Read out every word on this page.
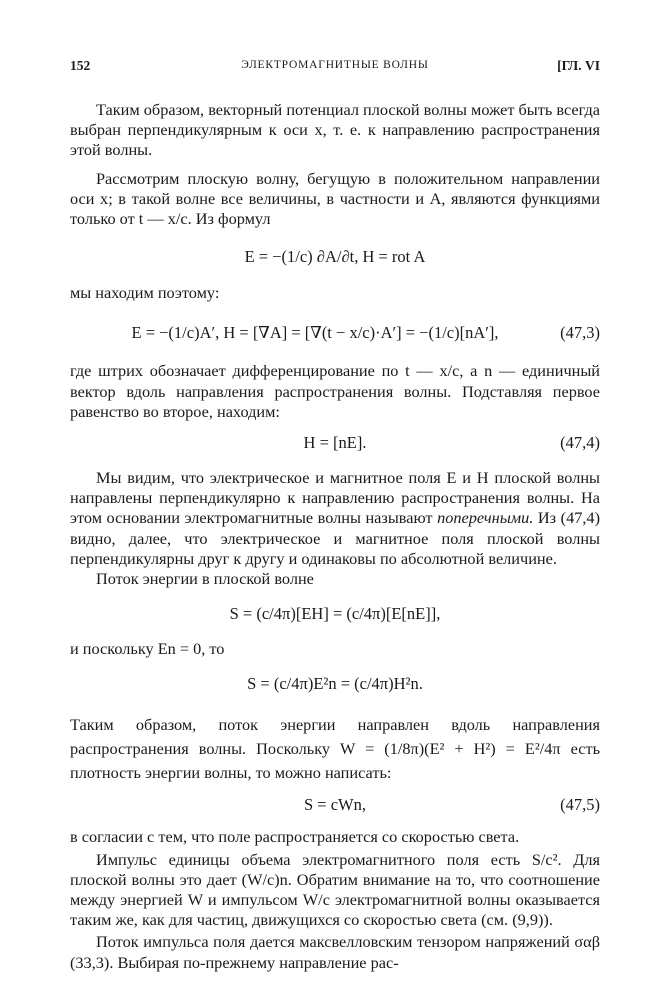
152	ЭЛЕКТРОМАГНИТНЫЕ ВОЛНЫ	[ГЛ. VI

Таким образом, векторный потенциал плоской волны может быть всегда выбран перпендикулярным к оси x, т. е. к направлению распространения этой волны.

Рассмотрим плоскую волну, бегущую в положительном направлении оси x; в такой волне все величины, в частности и A, являются функциями только от t — x/c. Из формул

E = −(1/c) ∂A/∂t, H = rot A

мы находим поэтому:

E = −(1/c)A′, H = [∇A] = [∇(t − x/c)·A′] = −(1/c)[nA′],	(47,3)

где штрих обозначает дифференцирование по t — x/c, а n — единичный вектор вдоль направления распространения волны. Подставляя первое равенство во второе, находим:

H = [nE].	(47,4)

Мы видим, что электрическое и магнитное поля E и H плоской волны направлены перпендикулярно к направлению распространения волны. На этом основании электромагнитные волны называют поперечными. Из (47,4) видно, далее, что электрическое и магнитное поля плоской волны перпендикулярны друг к другу и одинаковы по абсолютной величине.

Поток энергии в плоской волне

S = (c/4π)[EH] = (c/4π)[E[nE]],

и поскольку En = 0, то

S = (c/4π)E²n = (c/4π)H²n.

Таким образом, поток энергии направлен вдоль направления распространения волны. Поскольку W = (1/8π)(E² + H²) = E²/4π есть плотность энергии волны, то можно написать:

S = cWn,	(47,5)

в согласии с тем, что поле распространяется со скоростью света.

Импульс единицы объема электромагнитного поля есть S/c². Для плоской волны это дает (W/c)n. Обратим внимание на то, что соотношение между энергией W и импульсом W/c электромагнитной волны оказывается таким же, как для частиц, движущихся со скоростью света (см. (9,9)).

Поток импульса поля дается максвелловским тензором напряжений σαβ (33,3). Выбирая по-прежнему направление рас-
